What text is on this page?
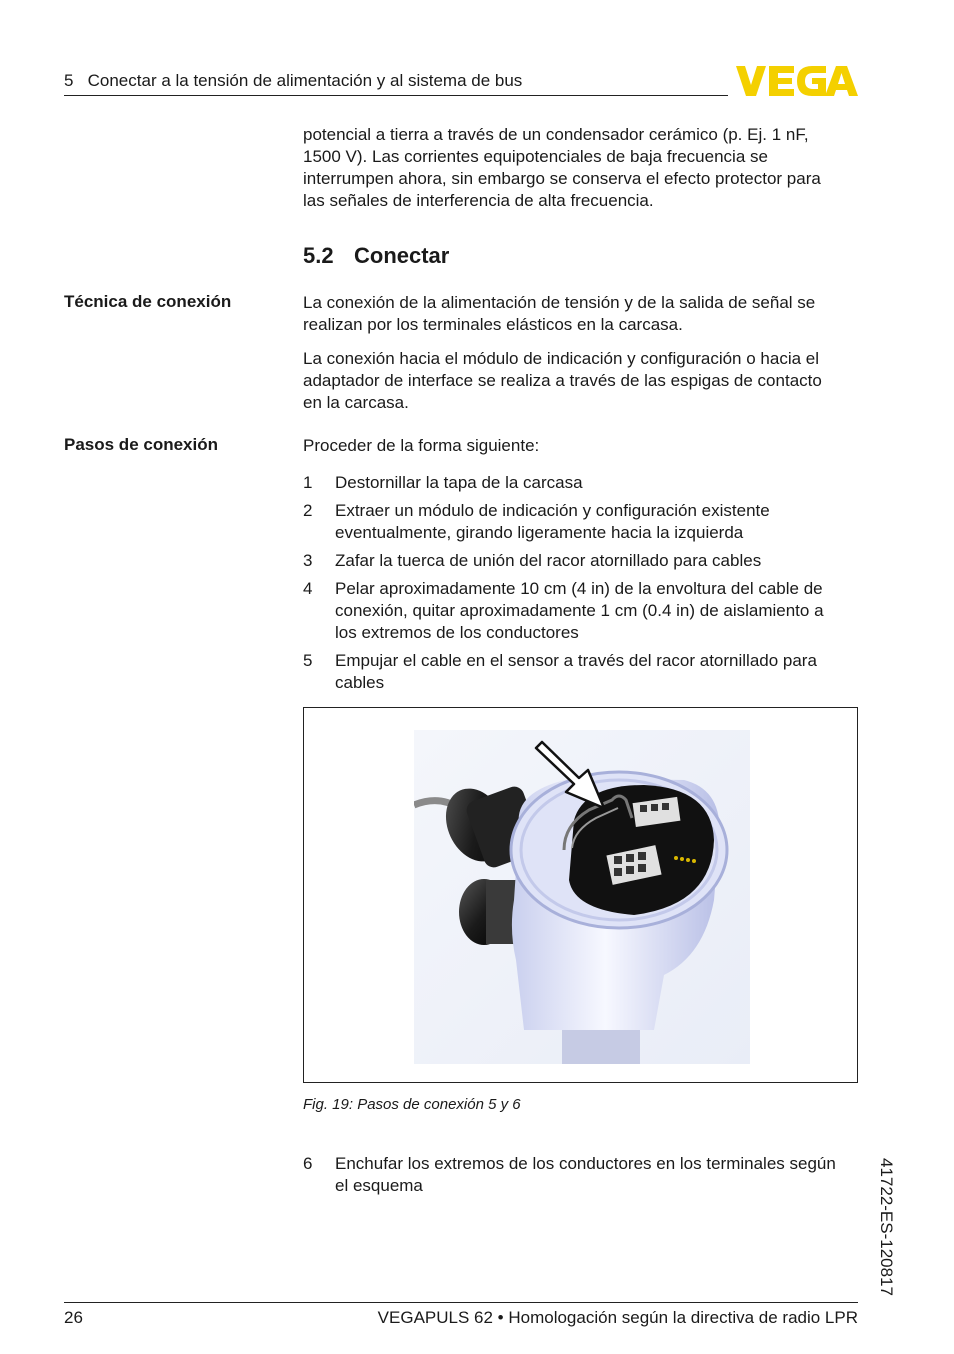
5   Conectar a la tensión de alimentación y al sistema de bus
potencial a tierra a través de un condensador cerámico (p. Ej. 1 nF,
1500 V). Las corrientes equipotenciales de baja frecuencia se
interrumpen ahora, sin embargo se conserva el efecto protector para
las señales de interferencia de alta frecuencia.
5.2 Conectar
Técnica de conexión	La conexión de la alimentación de tensión y de la salida de señal se
realizan por los terminales elásticos en la carcasa.
La conexión hacia el módulo de indicación y configuración o hacia el
adaptador de interface se realiza a través de las espigas de contacto
en la carcasa.
Pasos de conexión	Proceder de la forma siguiente:
1	Destornillar la tapa de la carcasa
2	Extraer un módulo de indicación y configuración existente
eventualmente, girando ligeramente hacia la izquierda
3	Zafar la tuerca de unión del racor atornillado para cables
4	Pelar aproximadamente 10 cm (4 in) de la envoltura del cable de
conexión, quitar aproximadamente 1 cm (0.4 in) de aislamiento a
los extremos de los conductores
5	Empujar el cable en el sensor a través del racor atornillado para
cables
Fig. 19: Pasos de conexión 5 y 6
6	Enchufar los extremos de los conductores en los terminales según
el esquema	41722-ES-120817
26	VEGAPULS 62 • Homologación según la directiva de radio LPR
